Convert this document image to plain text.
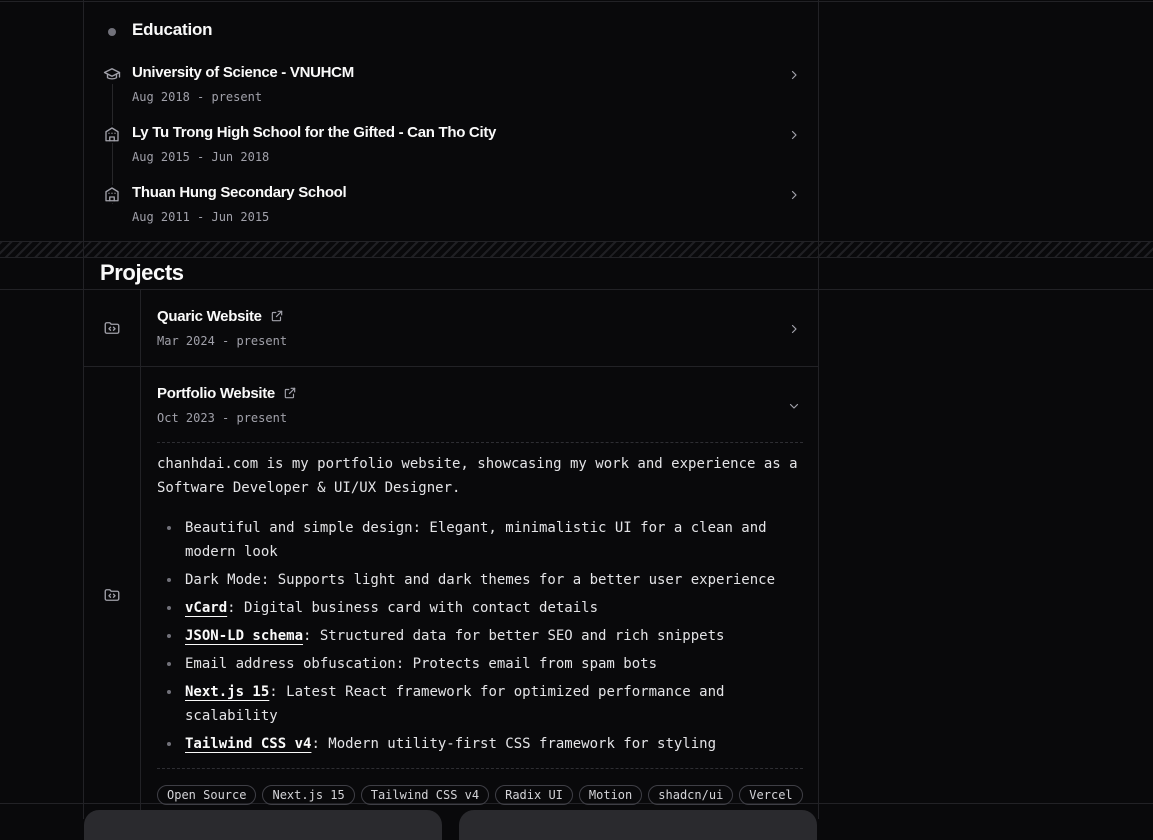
Education
University of Science - VNUHCM
Aug 2018 - present
Ly Tu Trong High School for the Gifted - Can Tho City
Aug 2015 - Jun 2018
Thuan Hung Secondary School
Aug 2011 - Jun 2015
Projects
Quaric Website
Mar 2024 - present
Portfolio Website
Oct 2023 - present

chanhdai.com is my portfolio website, showcasing my work and experience as a Software Developer & UI/UX Designer.

Beautiful and simple design: Elegant, minimalistic UI for a clean and modern look
Dark Mode: Supports light and dark themes for a better user experience
vCard: Digital business card with contact details
JSON-LD schema: Structured data for better SEO and rich snippets
Email address obfuscation: Protects email from spam bots
Next.js 15: Latest React framework for optimized performance and scalability
Tailwind CSS v4: Modern utility-first CSS framework for styling
Open Source	Next.js 15	Tailwind CSS v4	Radix UI	Motion	shadcn/ui	Vercel
